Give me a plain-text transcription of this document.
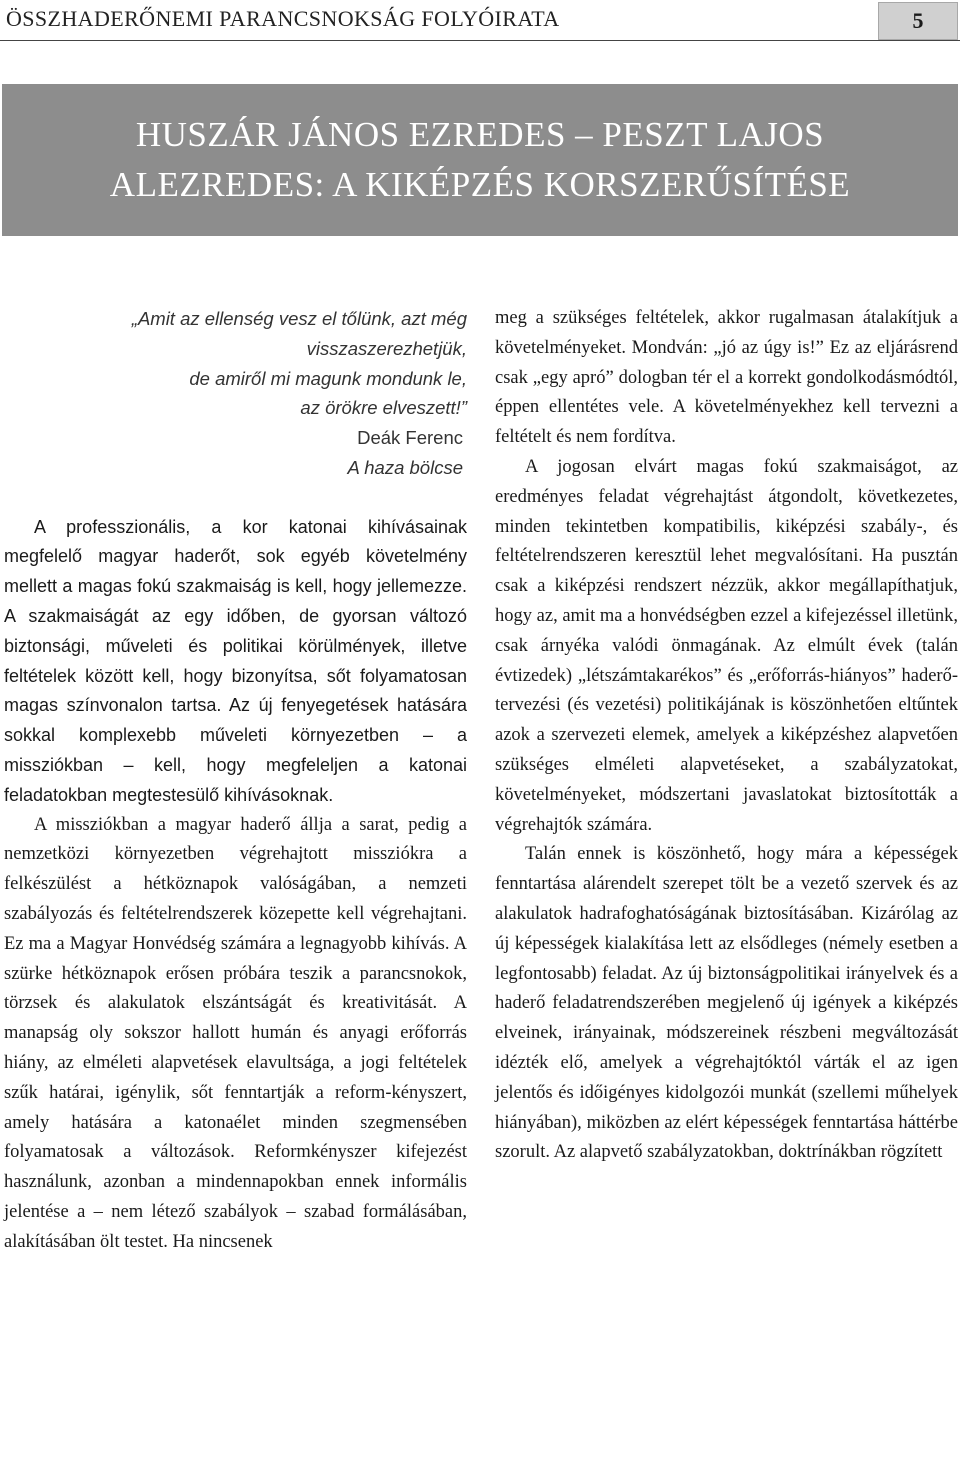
ÖSSZHADERŐNEMI PARANCSNOKSÁG FOLYÓIRATA	5
HUSZÁR JÁNOS EZREDES – PESZT LAJOS
ALEZREDES: A KIKÉPZÉS KORSZERŰSÍTÉSE
„Amit az ellenség vesz el tőlünk, azt még
visszaszerezhetjük,
de amiről mi magunk mondunk le,
az örökre elveszett!”
Deák Ferenc
A haza bölcse

A professzionális, a kor katonai kihívásainak megfelelő magyar haderőt, sok egyéb követelmény mellett a magas fokú szakmaiság is kell, hogy jellemezze. A szakmaiságát az egy időben, de gyorsan változó biztonsági, műveleti és politikai körülmények, illetve feltételek között kell, hogy bizonyítsa, sőt folyamatosan magas színvonalon tartsa. Az új fenyegetések hatására sokkal komplexebb műveleti környezetben – a missziókban – kell, hogy megfeleljen a katonai feladatokban megtestesülő kihívásoknak.

A missziókban a magyar haderő állja a sarat, pedig a nemzetközi környezetben végrehajtott missziókra a felkészülést a hétköznapok valóságában, a nemzeti szabályozás és feltételrendszerek közepette kell végrehajtani. Ez ma a Magyar Honvédség számára a legnagyobb kihívás. A szürke hétköznapok erősen próbára teszik a parancsnokok, törzsek és alakulatok elszántságát és kreativitását. A manapság oly sokszor hallott humán és anyagi erőforrás hiány, az elméleti alapvetések elavultsága, a jogi feltételek szűk határai, igénylik, sőt fenntartják a reform-kényszert, amely hatására a katonaélet minden szegmensében folyamatosak a változások. Reformkényszer kifejezést használunk, azonban a mindennapokban ennek informális jelentése a – nem létező szabályok – szabad formálásában, alakításában ölt testet. Ha nincsenek

meg a szükséges feltételek, akkor rugalmasan átalakítjuk a követelményeket. Mondván: „jó az úgy is!” Ez az eljárásrend csak „egy apró” dologban tér el a korrekt gondolkodásmódtól, éppen ellentétes vele. A követelményekhez kell tervezni a feltételt és nem fordítva.

A jogosan elvárt magas fokú szakmaiságot, az eredményes feladat végrehajtást átgondolt, következetes, minden tekintetben kompatibilis, kiképzési szabály-, és feltételrendszeren keresztül lehet megvalósítani. Ha pusztán csak a kiképzési rendszert nézzük, akkor megállapíthatjuk, hogy az, amit ma a honvédségben ezzel a kifejezéssel illetünk, csak árnyéka valódi önmagának. Az elmúlt évek (talán évtizedek) „létszámtakarékos” és „erőforrás-hiányos” haderő-tervezési (és vezetési) politikájának is köszönhetően eltűntek azok a szervezeti elemek, amelyek a kiképzéshez alapvetően szükséges elméleti alapvetéseket, a szabályzatokat, követelményeket, módszertani javaslatokat biztosították a végrehajtók számára.

Talán ennek is köszönhető, hogy mára a képességek fenntartása alárendelt szerepet tölt be a vezető szervek és az alakulatok hadrafoghatóságának biztosításában. Kizárólag az új képességek kialakítása lett az elsődleges (némely esetben a legfontosabb) feladat. Az új biztonságpolitikai irányelvek és a haderő feladatrendszerében megjelenő új igények a kiképzés elveinek, irányainak, módszereinek részbeni megváltozását idézték elő, amelyek a végrehajtóktól várták el az igen jelentős és időigényes kidolgozói munkát (szellemi műhelyek hiányában), miközben az elért képességek fenntartása háttérbe szorult. Az alapvető szabályzatokban, doktrínákban rögzített
